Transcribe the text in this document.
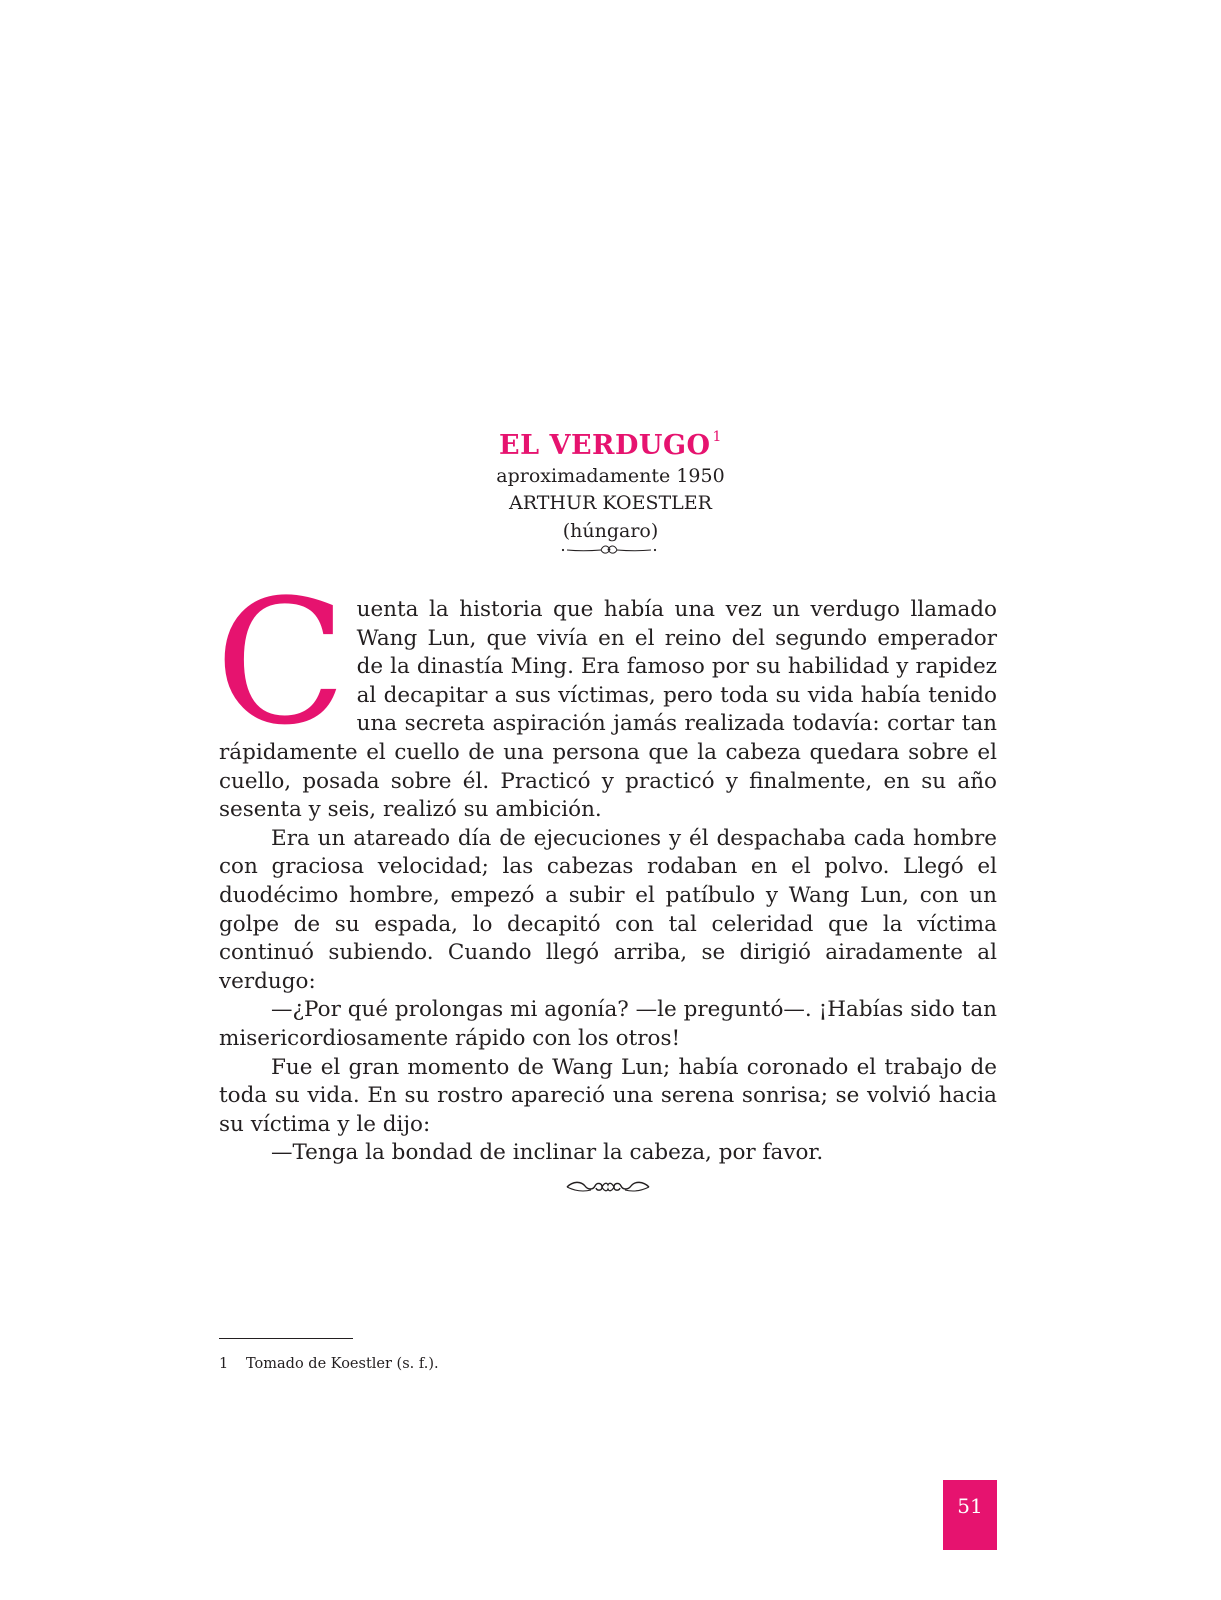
EL VERDUGO $^1$
aproximadamente 1950
ARTHUR KOESTLER
(húngaro)

Cuenta la historia que había una vez un verdugo llamado Wang Lun, que vivía en el reino del segundo emperador de la dinastía Ming. Era famoso por su habilidad y rapidez al decapitar a sus víctimas, pero toda su vida había tenido una secreta aspiración jamás realizada todavía: cortar tan rápidamente el cuello de una persona que la cabeza quedara sobre el cuello, posada sobre él. Practicó y practicó y finalmente, en su año sesenta y seis, realizó su ambición.

Era un atareado día de ejecuciones y él despachaba cada hombre con graciosa velocidad; las cabezas rodaban en el polvo. Llegó el duodécimo hombre, empezó a subir el patíbulo y Wang Lun, con un golpe de su espada, lo decapitó con tal celeridad que la víctima continuó subiendo. Cuando llegó arriba, se dirigió airadamente al verdugo:

—¿Por qué prolongas mi agonía? —le preguntó—. ¡Habías sido tan misericordiosamente rápido con los otros!

Fue el gran momento de Wang Lun; había coronado el trabajo de toda su vida. En su rostro apareció una serena sonrisa; se volvió hacia su víctima y le dijo:

—Tenga la bondad de inclinar la cabeza, por favor.

1 Tomado de Koestler (s. f.).
51
